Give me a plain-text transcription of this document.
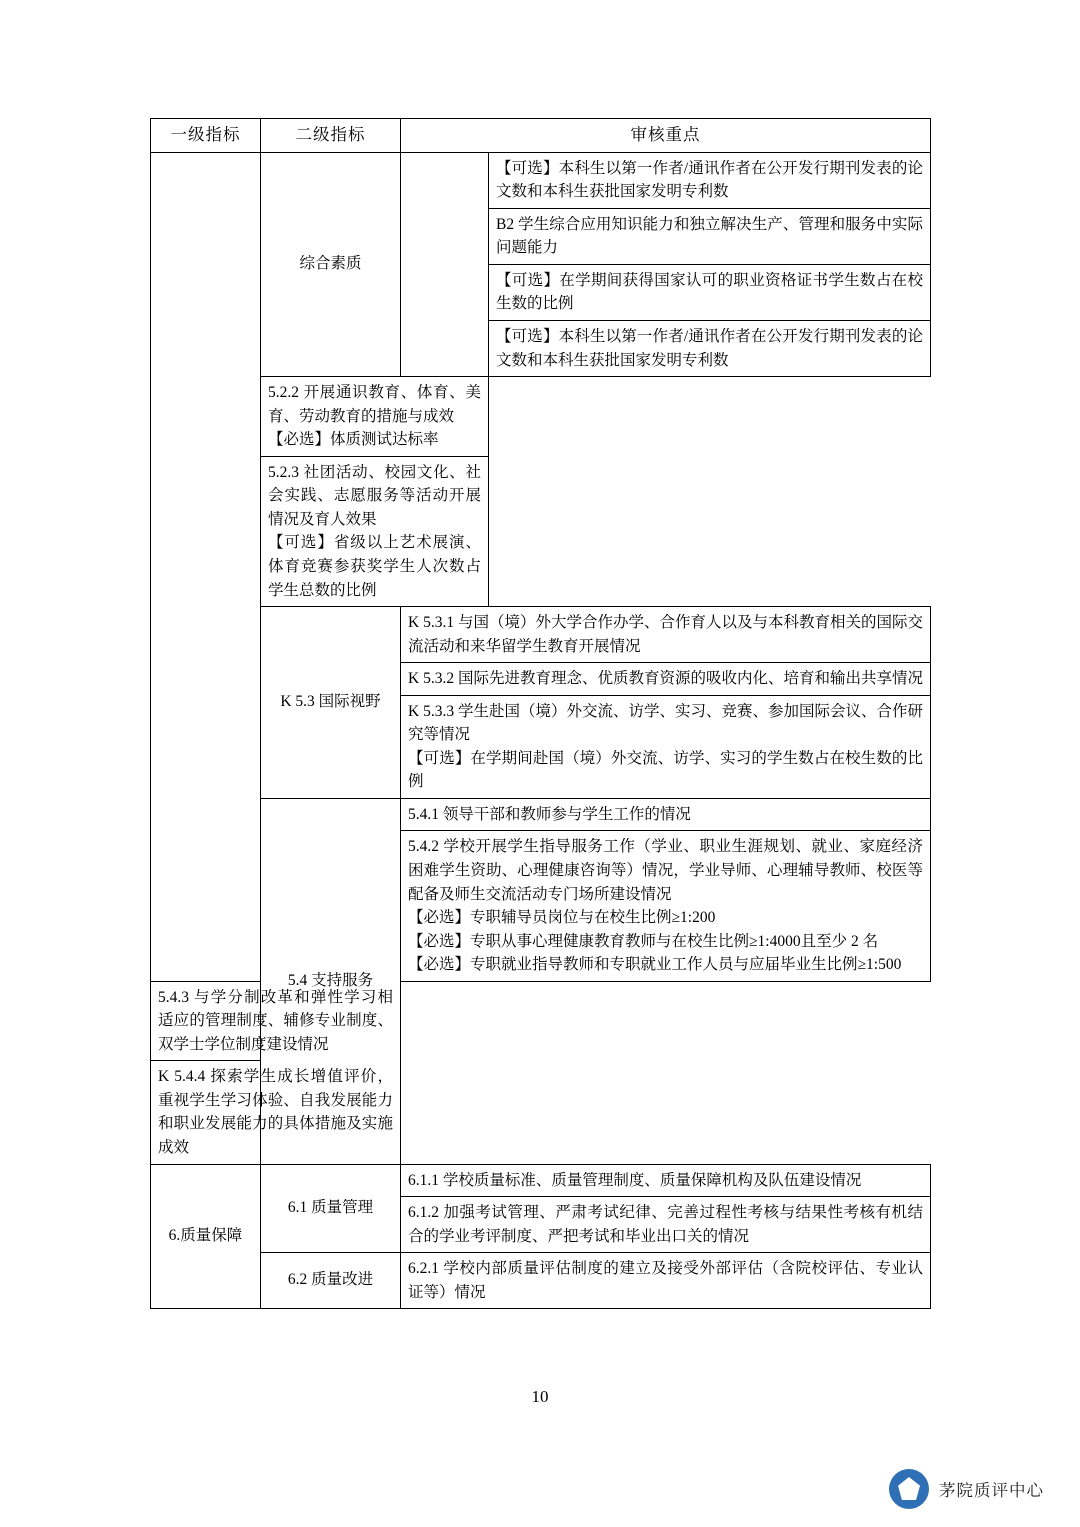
一级指标	二级指标	审核重点	
	综合素质		【可选】本科生以第一作者/通讯作者在公开发行期刊发表的论文数和本科生获批国家发明专利数
			B2 学生综合应用知识能力和独立解决生产、管理和服务中实际问题能力
			【可选】在学期间获得国家认可的职业资格证书学生数占在校生数的比例
			【可选】本科生以第一作者/通讯作者在公开发行期刊发表的论文数和本科生获批国家发明专利数

	5.2.2 开展通识教育、体育、美育、劳动教育的措施与成效

【必选】体质测试达标率		

	5.2.3 社团活动、校园文化、社会实践、志愿服务等活动开展情况及育人效果

【可选】省级以上艺术展演、体育竞赛参获奖学生人次数占学生总数的比例		

	K 5.3 国际视野	K 5.3.1 与国（境）外大学合作办学、合作育人以及与本科教育相关的国际交流活动和来华留学生教育开展情况	
		K 5.3.2 国际先进教育理念、优质教育资源的吸收内化、培育和输出共享情况	

		K 5.3.3 学生赴国（境）外交流、访学、实习、竞赛、参加国际会议、合作研究等情况

【可选】在学期间赴国（境）外交流、访学、实习的学生数占在校生数的比例	

	5.4 支持服务	5.4.1 领导干部和教师参与学生工作的情况	

		5.4.2 学校开展学生指导服务工作（学业、职业生涯规划、就业、家庭经济困难学生资助、心理健康咨询等）情况，学业导师、心理辅导教师、校医等配备及师生交流活动专门场所建设情况

【必选】专职辅导员岗位与在校生比例≥1:200

【必选】专职从事心理健康教育教师与在校生比例≥1:4000且至少 2 名

【必选】专职就业指导教师和专职就业工作人员与应届毕业生比例≥1:500	

5.4.3 与学分制改革和弹性学习相适应的管理制度、辅修专业制度、双学士学位制度建设情况			
K 5.4.4 探索学生成长增值评价，重视学生学习体验、自我发展能力和职业发展能力的具体措施及实施成效			
6.质量保障	6.1 质量管理	6.1.1 学校质量标准、质量管理制度、质量保障机构及队伍建设情况	
		6.1.2 加强考试管理、严肃考试纪律、完善过程性考核与结果性考核有机结合的学业考评制度、严把考试和毕业出口关的情况	
	6.2 质量改进	6.2.1 学校内部质量评估制度的建立及接受外部评估（含院校评估、专业认证等）情况	
10
茅院质评中心
